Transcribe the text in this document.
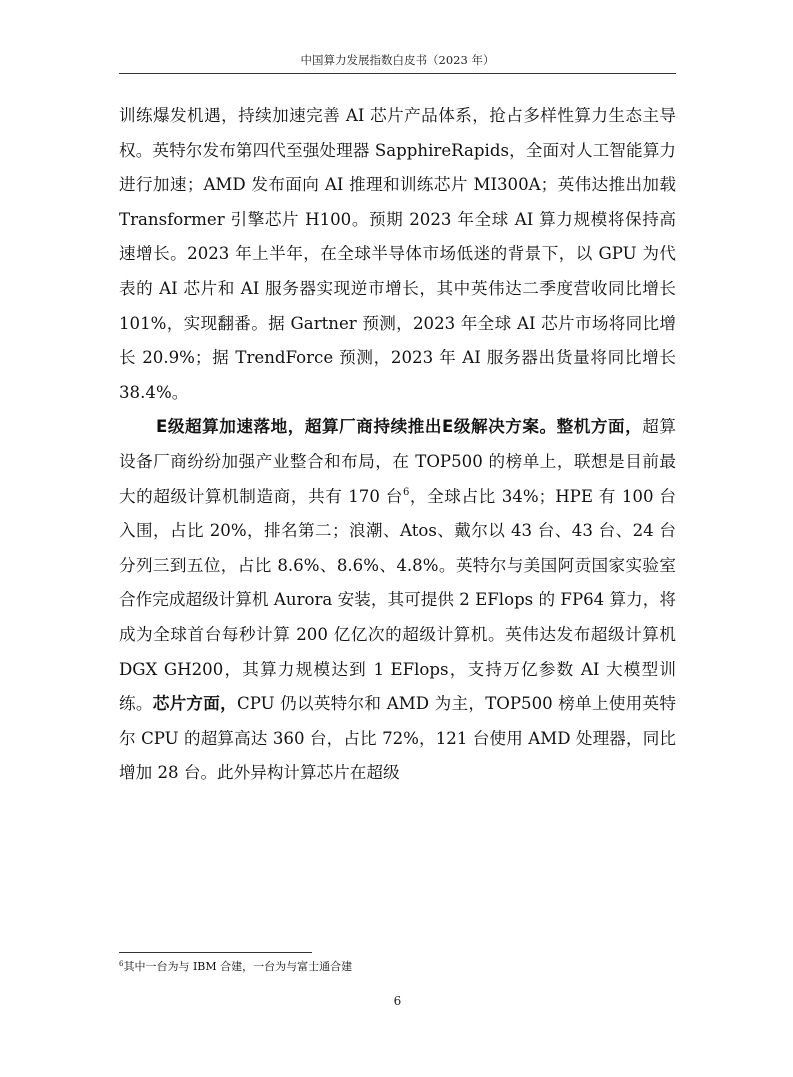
中国算力发展指数白皮书（2023 年）

训练爆发机遇，持续加速完善 AI 芯片产品体系，抢占多样性算力生态主导权。英特尔发布第四代至强处理器 SapphireRapids，全面对人工智能算力进行加速；AMD 发布面向 AI 推理和训练芯片 MI300A；英伟达推出加载 Transformer 引擎芯片 H100。预期 2023 年全球 AI 算力规模将保持高速增长。2023 年上半年，在全球半导体市场低迷的背景下，以 GPU 为代表的 AI 芯片和 AI 服务器实现逆市增长，其中英伟达二季度营收同比增长 101%，实现翻番。据 Gartner 预测，2023 年全球 AI 芯片市场将同比增长 20.9%；据 TrendForce 预测，2023 年 AI 服务器出货量将同比增长 38.4%。

E级超算加速落地，超算厂商持续推出E级解决方案。整机方面，超算设备厂商纷纷加强产业整合和布局，在 TOP500 的榜单上，联想是目前最大的超级计算机制造商，共有 170 台$^6$，全球占比 34%；HPE 有 100 台入围，占比 20%，排名第二；浪潮、Atos、戴尔以 43 台、43 台、24 台分列三到五位，占比 8.6%、8.6%、4.8%。英特尔与美国阿贡国家实验室合作完成超级计算机 Aurora 安装，其可提供 2 EFlops 的 FP64 算力，将成为全球首台每秒计算 200 亿亿次的超级计算机。英伟达发布超级计算机 DGX GH200，其算力规模达到 1 EFlops，支持万亿参数 AI 大模型训练。芯片方面，CPU 仍以英特尔和 AMD 为主，TOP500 榜单上使用英特尔 CPU 的超算高达 360 台，占比 72%，121 台使用 AMD 处理器，同比增加 28 台。此外异构计算芯片在超级

$^6$其中一台为与 IBM 合建，一台为与富士通合建
6
